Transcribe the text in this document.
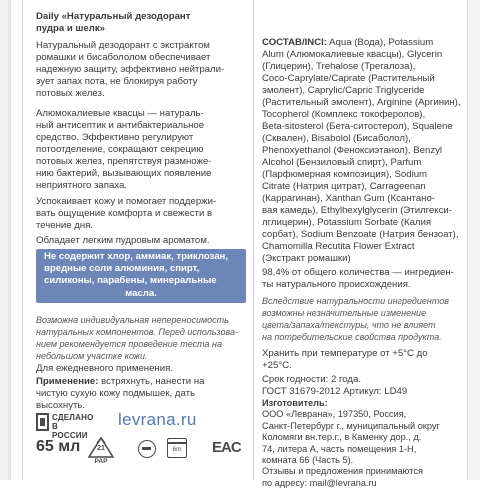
Daily «Натуральный дезодорант
пудра и шелк»
Натуральный дезодорант с экстрактом
ромашки и бисабололом обеспечивает
надежную защиту, эффективно нейтрали-
зует запах пота, не блокируя работу
потовых желез.
Алюмокалиевые квасцы — натураль-
ный антисептик и антибактериальное
средство. Эффективно регулируют
потоотделение, сокращают секрецию
потовых желез, препятствуя размноже-
нию бактерий, вызывающих появление
неприятного запаха.
Успокаивает кожу и помогает поддержи-
вать ощущение комфорта и свежести в
течение дня.
Обладает легким пудровым ароматом.
Не содержит хлор, аммиак, триклозан,
вредные соли алюминия, спирт,
силиконы, парабены, минеральные
масла.
Возможна индивидуальная непереносимость
натуральных компонентов. Перед использова-
нием рекомендуется проведение теста на
небольшом участке кожи.
Для ежедневного применения.
Применение: встряхнуть, нанести на
чистую сухую кожу подмышек, дать
высохнуть.
СДЕЛАНО
В РОССИИ
levrana.ru
65 мл	21
PAP
6m	EAC
СОСТАВ/INCI: Aqua (Вода), Potassium
Alum (Алюмокалиевые квасцы), Glycerin
(Глицерин), Trehalose (Трегалоза),
Coco-Caprylate/Caprate (Растительный
эмолент), Caprylic/Capric Triglyceride
(Растительный эмолент), Arginine (Аргинин),
Tocopherol (Комплекс токоферолов),
Beta-sitosterol (Бета-ситостерол), Squalene
(Сквален), Bisabolol (Бисаболол),
Phenoxyethanol (Феноксиэтанол), Benzyl
Alcohol (Бензиловый спирт), Parfum
(Парфюмерная композиция), Sodium
Citrate (Натрия цитрат), Carrageenan
(Каррагинан), Xanthan Gum (Ксантано-
вая камедь), Ethylhexylglycerin (Этилгекси-
лглицерин), Potassium Sorbate (Калия
сорбат), Sodium Benzoate (Натрия бензоат),
Chamomilla Recutita Flower Extract
(Экстракт ромашки)
98,4% от общего количества — ингредиен-
ты натурального происхождения.
Вследствие натуральности ингредиентов
возможны незначительные изменение
цвета/запаха/текстуры, что не влияет
на потребительские свойства продукта.
Хранить при температуре от +5°С до
+25°С.
Срок годности: 2 года.
ГОСТ 31679-2012 Артикул: LD49
Изготовитель:
ООО «Леврана», 197350, Россия,
Санкт-Петербург г., муниципальный округ
Коломяги вн.тер.г., в Каменку дор., д.
74, литера А, часть помещения 1-Н,
комната 66 (Часть 5).
Отзывы и предложения принимаются
по адресу: mail@levrana.ru
